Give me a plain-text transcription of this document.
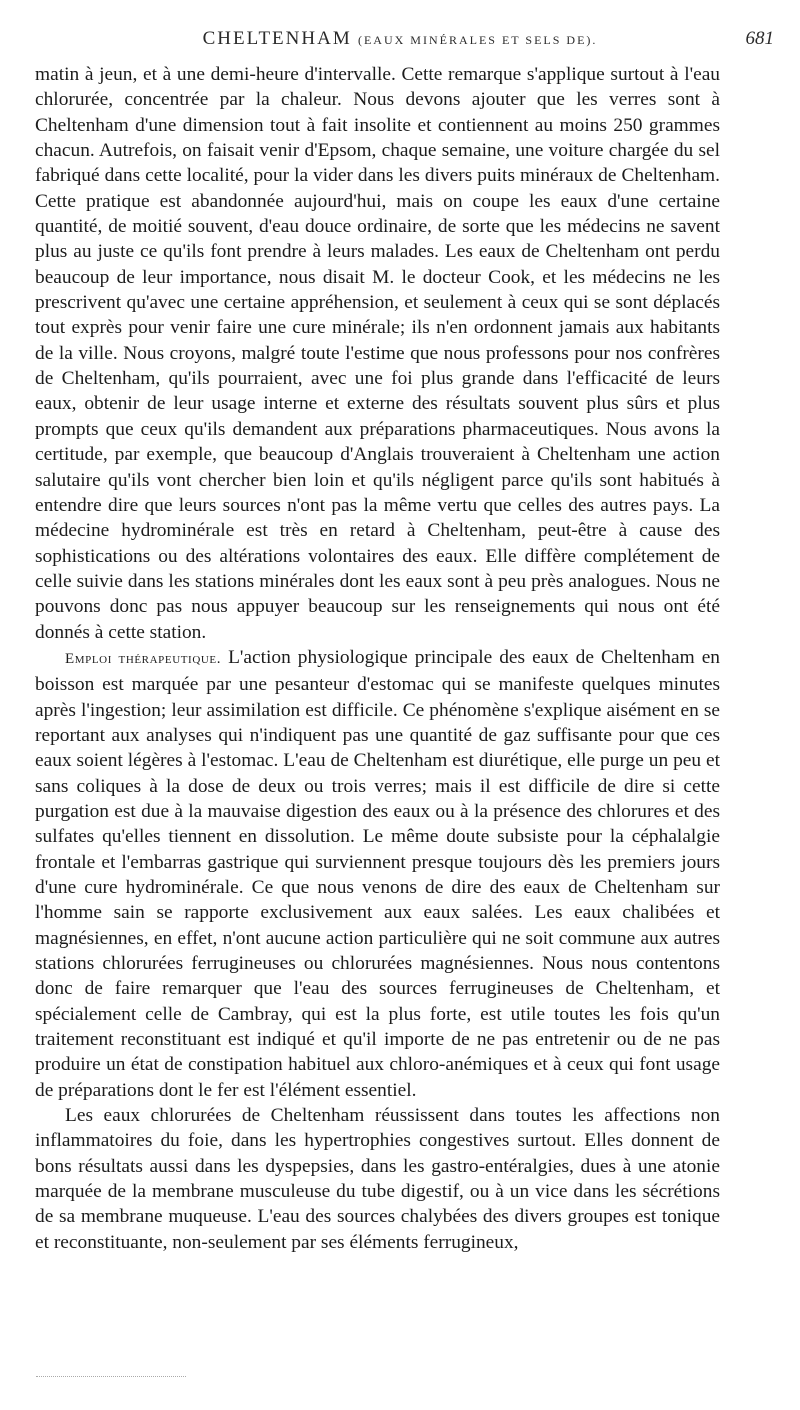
CHELTENHAM (EAUX MINÉRALES ET SELS DE).	681

matin à jeun, et à une demi-heure d'intervalle. Cette remarque s'applique surtout à l'eau chlorurée, concentrée par la chaleur. Nous devons ajouter que les verres sont à Cheltenham d'une dimension tout à fait insolite et contiennent au moins 250 grammes chacun. Autrefois, on faisait venir d'Epsom, chaque semaine, une voiture chargée du sel fabriqué dans cette localité, pour la vider dans les divers puits minéraux de Cheltenham. Cette pratique est abandonnée aujourd'hui, mais on coupe les eaux d'une certaine quantité, de moitié souvent, d'eau douce ordinaire, de sorte que les médecins ne savent plus au juste ce qu'ils font prendre à leurs malades. Les eaux de Cheltenham ont perdu beaucoup de leur importance, nous disait M. le docteur Cook, et les médecins ne les prescrivent qu'avec une certaine appréhension, et seulement à ceux qui se sont déplacés tout exprès pour venir faire une cure minérale; ils n'en ordonnent jamais aux habitants de la ville. Nous croyons, malgré toute l'estime que nous professons pour nos confrères de Cheltenham, qu'ils pourraient, avec une foi plus grande dans l'efficacité de leurs eaux, obtenir de leur usage interne et externe des résultats souvent plus sûrs et plus prompts que ceux qu'ils demandent aux préparations pharmaceutiques. Nous avons la certitude, par exemple, que beaucoup d'Anglais trouveraient à Cheltenham une action salutaire qu'ils vont chercher bien loin et qu'ils négligent parce qu'ils sont habitués à entendre dire que leurs sources n'ont pas la même vertu que celles des autres pays. La médecine hydrominérale est très en retard à Cheltenham, peut-être à cause des sophistications ou des altérations volontaires des eaux. Elle diffère complétement de celle suivie dans les stations minérales dont les eaux sont à peu près analogues. Nous ne pouvons donc pas nous appuyer beaucoup sur les renseignements qui nous ont été donnés à cette station.

Emploi thérapeutique. L'action physiologique principale des eaux de Cheltenham en boisson est marquée par une pesanteur d'estomac qui se manifeste quelques minutes après l'ingestion; leur assimilation est difficile. Ce phénomène s'explique aisément en se reportant aux analyses qui n'indiquent pas une quantité de gaz suffisante pour que ces eaux soient légères à l'estomac. L'eau de Cheltenham est diurétique, elle purge un peu et sans coliques à la dose de deux ou trois verres; mais il est difficile de dire si cette purgation est due à la mauvaise digestion des eaux ou à la présence des chlorures et des sulfates qu'elles tiennent en dissolution. Le même doute subsiste pour la céphalalgie frontale et l'embarras gastrique qui surviennent presque toujours dès les premiers jours d'une cure hydrominérale. Ce que nous venons de dire des eaux de Cheltenham sur l'homme sain se rapporte exclusivement aux eaux salées. Les eaux chalibées et magnésiennes, en effet, n'ont aucune action particulière qui ne soit commune aux autres stations chlorurées ferrugineuses ou chlorurées magnésiennes. Nous nous contentons donc de faire remarquer que l'eau des sources ferrugineuses de Cheltenham, et spécialement celle de Cambray, qui est la plus forte, est utile toutes les fois qu'un traitement reconstituant est indiqué et qu'il importe de ne pas entretenir ou de ne pas produire un état de constipation habituel aux chloro-anémiques et à ceux qui font usage de préparations dont le fer est l'élément essentiel.

Les eaux chlorurées de Cheltenham réussissent dans toutes les affections non inflammatoires du foie, dans les hypertrophies congestives surtout. Elles donnent de bons résultats aussi dans les dyspepsies, dans les gastro-entéralgies, dues à une atonie marquée de la membrane musculeuse du tube digestif, ou à un vice dans les sécrétions de sa membrane muqueuse. L'eau des sources chalybées des divers groupes est tonique et reconstituante, non-seulement par ses éléments ferrugineux,
